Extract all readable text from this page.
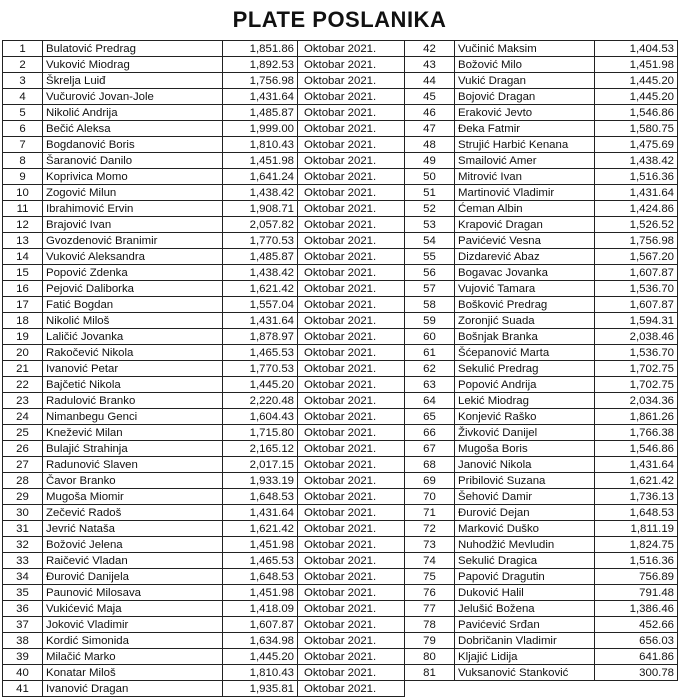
PLATE POSLANIKA
1	Bulatović Predrag	1,851.86	Oktobar 2021.	42	Vučinić Maksim	1,404.53
2	Vuković Miodrag	1,892.53	Oktobar 2021.	43	Božović Milo	1,451.98
3	Škrelja Luiđ	1,756.98	Oktobar 2021.	44	Vukić Dragan	1,445.20
4	Vučurović Jovan-Jole	1,431.64	Oktobar 2021.	45	Bojović Dragan	1,445.20
5	Nikolić Andrija	1,485.87	Oktobar 2021.	46	Eraković Jevto	1,546.86
6	Bečić Aleksa	1,999.00	Oktobar 2021.	47	Đeka Fatmir	1,580.75
7	Bogdanović Boris	1,810.43	Oktobar 2021.	48	Strujić Harbić Kenana	1,475.69
8	Šaranović Danilo	1,451.98	Oktobar 2021.	49	Smailović Amer	1,438.42
9	Koprivica Momo	1,641.24	Oktobar 2021.	50	Mitrović Ivan	1,516.36
10	Zogović Milun	1,438.42	Oktobar 2021.	51	Martinović Vladimir	1,431.64
11	Ibrahimović Ervin	1,908.71	Oktobar 2021.	52	Ćeman Albin	1,424.86
12	Brajović Ivan	2,057.82	Oktobar 2021.	53	Krapović Dragan	1,526.52
13	Gvozdenović Branimir	1,770.53	Oktobar 2021.	54	Pavićević Vesna	1,756.98
14	Vuković Aleksandra	1,485.87	Oktobar 2021.	55	Dizdarević Abaz	1,567.20
15	Popović Zdenka	1,438.42	Oktobar 2021.	56	Bogavac Jovanka	1,607.87
16	Pejović Daliborka	1,621.42	Oktobar 2021.	57	Vujović Tamara	1,536.70
17	Fatić Bogdan	1,557.04	Oktobar 2021.	58	Bošković Predrag	1,607.87
18	Nikolić Miloš	1,431.64	Oktobar 2021.	59	Zoronjić Suada	1,594.31
19	Laličić Jovanka	1,878.97	Oktobar 2021.	60	Bošnjak Branka	2,038.46
20	Rakočević Nikola	1,465.53	Oktobar 2021.	61	Šćepanović Marta	1,536.70
21	Ivanović Petar	1,770.53	Oktobar 2021.	62	Sekulić Predrag	1,702.75
22	Bajčetić Nikola	1,445.20	Oktobar 2021.	63	Popović Andrija	1,702.75
23	Radulović Branko	2,220.48	Oktobar 2021.	64	Lekić Miodrag	2,034.36
24	Nimanbegu Genci	1,604.43	Oktobar 2021.	65	Konjević Raško	1,861.26
25	Knežević Milan	1,715.80	Oktobar 2021.	66	Živković Danijel	1,766.38
26	Bulajić Strahinja	2,165.12	Oktobar 2021.	67	Mugoša Boris	1,546.86
27	Radunović Slaven	2,017.15	Oktobar 2021.	68	Janović Nikola	1,431.64
28	Čavor Branko	1,933.19	Oktobar 2021.	69	Pribilović Suzana	1,621.42
29	Mugoša Miomir	1,648.53	Oktobar 2021.	70	Šehović Damir	1,736.13
30	Zečević Radoš	1,431.64	Oktobar 2021.	71	Đurović Dejan	1,648.53
31	Jevrić Nataša	1,621.42	Oktobar 2021.	72	Marković Duško	1,811.19
32	Božović Jelena	1,451.98	Oktobar 2021.	73	Nuhodžić Mevludin	1,824.75
33	Raičević Vladan	1,465.53	Oktobar 2021.	74	Sekulić Dragica	1,516.36
34	Đurović Danijela	1,648.53	Oktobar 2021.	75	Papović Dragutin	756.89
35	Paunović Milosava	1,451.98	Oktobar 2021.	76	Duković Halil	791.48
36	Vukićević Maja	1,418.09	Oktobar 2021.	77	Jelušić Božena	1,386.46
37	Joković Vladimir	1,607.87	Oktobar 2021.	78	Pavićević Srđan	452.66
38	Kordić Simonida	1,634.98	Oktobar 2021.	79	Dobričanin Vladimir	656.03
39	Milačić Marko	1,445.20	Oktobar 2021.	80	Kljajić Lidija	641.86
40	Konatar Miloš	1,810.43	Oktobar 2021.	81	Vuksanović Stanković	300.78
41	Ivanović Dragan	1,935.81	Oktobar 2021.			
